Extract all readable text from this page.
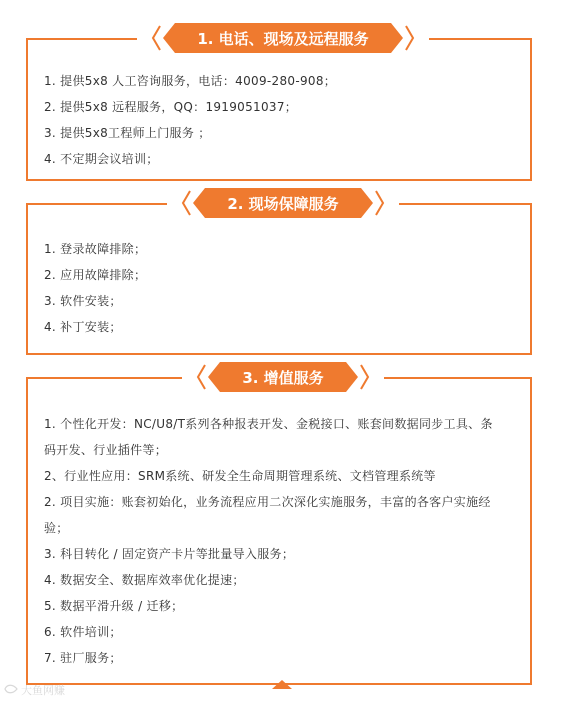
1. 提供5x8 人工咨询服务，电话：4009-280-908；
2. 提供5x8 远程服务，QQ：1919051037；
3. 提供5x8工程师上门服务 ；
4. 不定期会议培训；
1. 电话、现场及远程服务
1. 登录故障排除；
2. 应用故障排除；
3. 软件安装；
4. 补丁安装；
2. 现场保障服务
1. 个性化开发：NC/U8/T系列各种报表开发、金税接口、账套间数据同步工具、条
码开发、行业插件等；
2、行业性应用：SRM系统、研发全生命周期管理系统、文档管理系统等
2. 项目实施：账套初始化，业务流程应用二次深化实施服务，丰富的各客户实施经
验；
3. 科目转化 / 固定资产卡片等批量导入服务；
4. 数据安全、数据库效率优化提速；
5. 数据平滑升级 / 迁移；
6. 软件培训；
7. 驻厂服务；
3. 增值服务
大鱼网赚
